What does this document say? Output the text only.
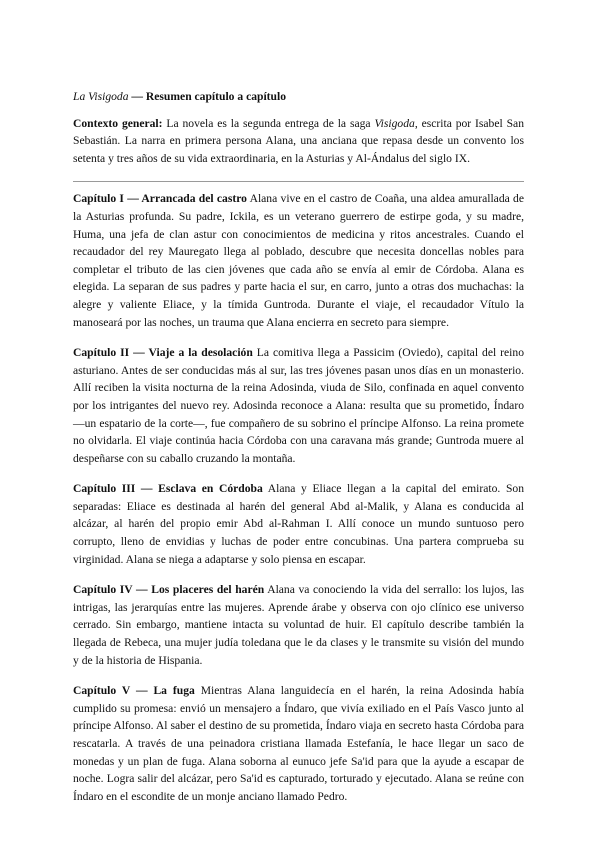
La Visigoda — Resumen capítulo a capítulo

Contexto general: La novela es la segunda entrega de la saga Visigoda, escrita por Isabel San Sebastián. La narra en primera persona Alana, una anciana que repasa desde un convento los setenta y tres años de su vida extraordinaria, en la Asturias y Al-Ándalus del siglo IX.

Capítulo I — Arrancada del castro Alana vive en el castro de Coaña, una aldea amurallada de la Asturias profunda. Su padre, Ickila, es un veterano guerrero de estirpe goda, y su madre, Huma, una jefa de clan astur con conocimientos de medicina y ritos ancestrales. Cuando el recaudador del rey Mauregato llega al poblado, descubre que necesita doncellas nobles para completar el tributo de las cien jóvenes que cada año se envía al emir de Córdoba. Alana es elegida. La separan de sus padres y parte hacia el sur, en carro, junto a otras dos muchachas: la alegre y valiente Eliace, y la tímida Guntroda. Durante el viaje, el recaudador Vítulo la manoseará por las noches, un trauma que Alana encierra en secreto para siempre.

Capítulo II — Viaje a la desolación La comitiva llega a Passicim (Oviedo), capital del reino asturiano. Antes de ser conducidas más al sur, las tres jóvenes pasan unos días en un monasterio. Allí reciben la visita nocturna de la reina Adosinda, viuda de Silo, confinada en aquel convento por los intrigantes del nuevo rey. Adosinda reconoce a Alana: resulta que su prometido, Índaro —un espatario de la corte—, fue compañero de su sobrino el príncipe Alfonso. La reina promete no olvidarla. El viaje continúa hacia Córdoba con una caravana más grande; Guntroda muere al despeñarse con su caballo cruzando la montaña.

Capítulo III — Esclava en Córdoba Alana y Eliace llegan a la capital del emirato. Son separadas: Eliace es destinada al harén del general Abd al-Malik, y Alana es conducida al alcázar, al harén del propio emir Abd al-Rahman I. Allí conoce un mundo suntuoso pero corrupto, lleno de envidias y luchas de poder entre concubinas. Una partera comprueba su virginidad. Alana se niega a adaptarse y solo piensa en escapar.

Capítulo IV — Los placeres del harén Alana va conociendo la vida del serrallo: los lujos, las intrigas, las jerarquías entre las mujeres. Aprende árabe y observa con ojo clínico ese universo cerrado. Sin embargo, mantiene intacta su voluntad de huir. El capítulo describe también la llegada de Rebeca, una mujer judía toledana que le da clases y le transmite su visión del mundo y de la historia de Hispania.

Capítulo V — La fuga Mientras Alana languidecía en el harén, la reina Adosinda había cumplido su promesa: envió un mensajero a Índaro, que vivía exiliado en el País Vasco junto al príncipe Alfonso. Al saber el destino de su prometida, Índaro viaja en secreto hasta Córdoba para rescatarla. A través de una peinadora cristiana llamada Estefanía, le hace llegar un saco de monedas y un plan de fuga. Alana soborna al eunuco jefe Sa'id para que la ayude a escapar de noche. Logra salir del alcázar, pero Sa'id es capturado, torturado y ejecutado. Alana se reúne con Índaro en el escondite de un monje anciano llamado Pedro.
